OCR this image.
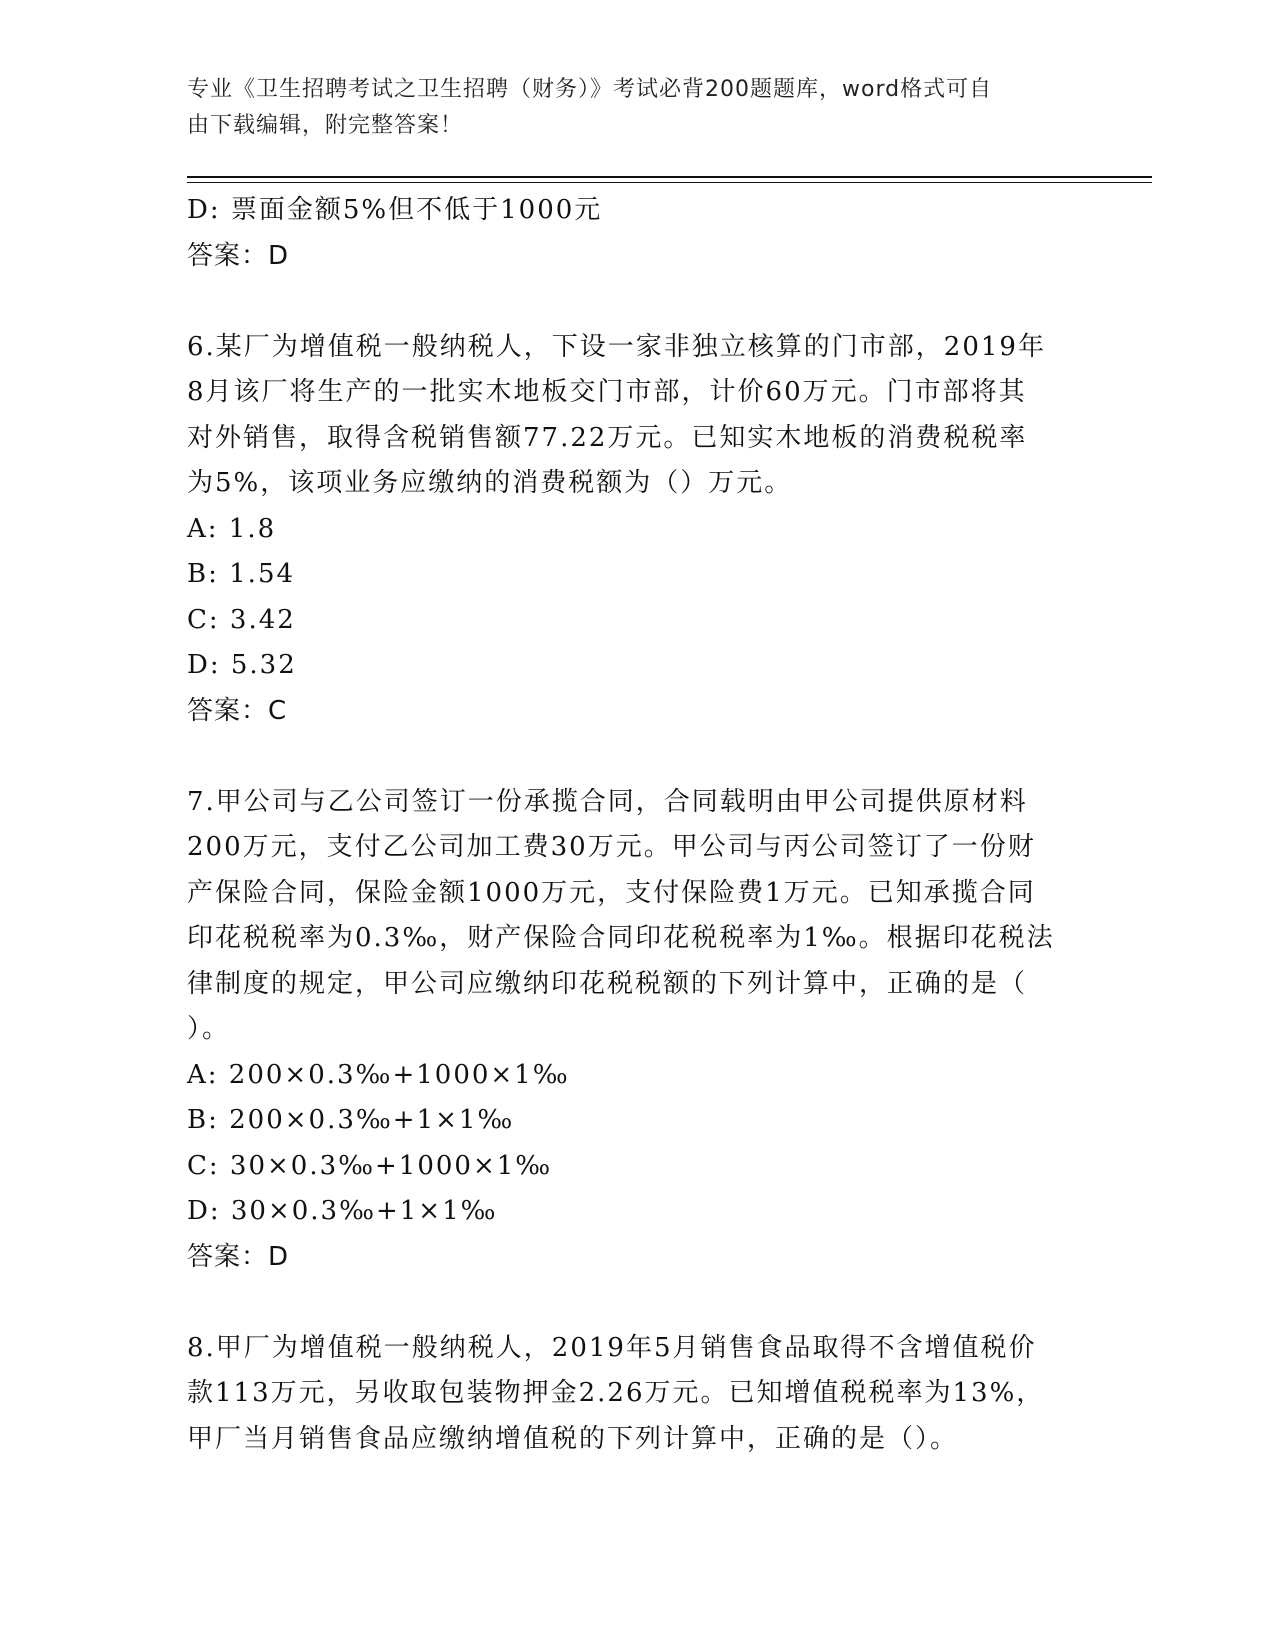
专业《卫生招聘考试之卫生招聘（财务）》考试必背200题题库，word格式可自
由下载编辑，附完整答案！
D: 票面金额5%但不低于1000元
答案：D
6.某厂为增值税一般纳税人，下设一家非独立核算的门市部，2019年
8月该厂将生产的一批实木地板交门市部，计价60万元。门市部将其
对外销售，取得含税销售额77.22万元。已知实木地板的消费税税率
为5%，该项业务应缴纳的消费税额为（）万元。
A: 1.8
B: 1.54
C: 3.42
D: 5.32
答案：C
7.甲公司与乙公司签订一份承揽合同，合同载明由甲公司提供原材料
200万元，支付乙公司加工费30万元。甲公司与丙公司签订了一份财
产保险合同，保险金额1000万元，支付保险费1万元。已知承揽合同
印花税税率为0.3‰，财产保险合同印花税税率为1‰。根据印花税法
律制度的规定，甲公司应缴纳印花税税额的下列计算中，正确的是（
）。
A: 200×0.3‰+1000×1‰
B: 200×0.3‰+1×1‰
C: 30×0.3‰+1000×1‰
D: 30×0.3‰+1×1‰
答案：D
8.甲厂为增值税一般纳税人，2019年5月销售食品取得不含增值税价
款113万元，另收取包装物押金2.26万元。已知增值税税率为13%，
甲厂当月销售食品应缴纳增值税的下列计算中，正确的是（）。
